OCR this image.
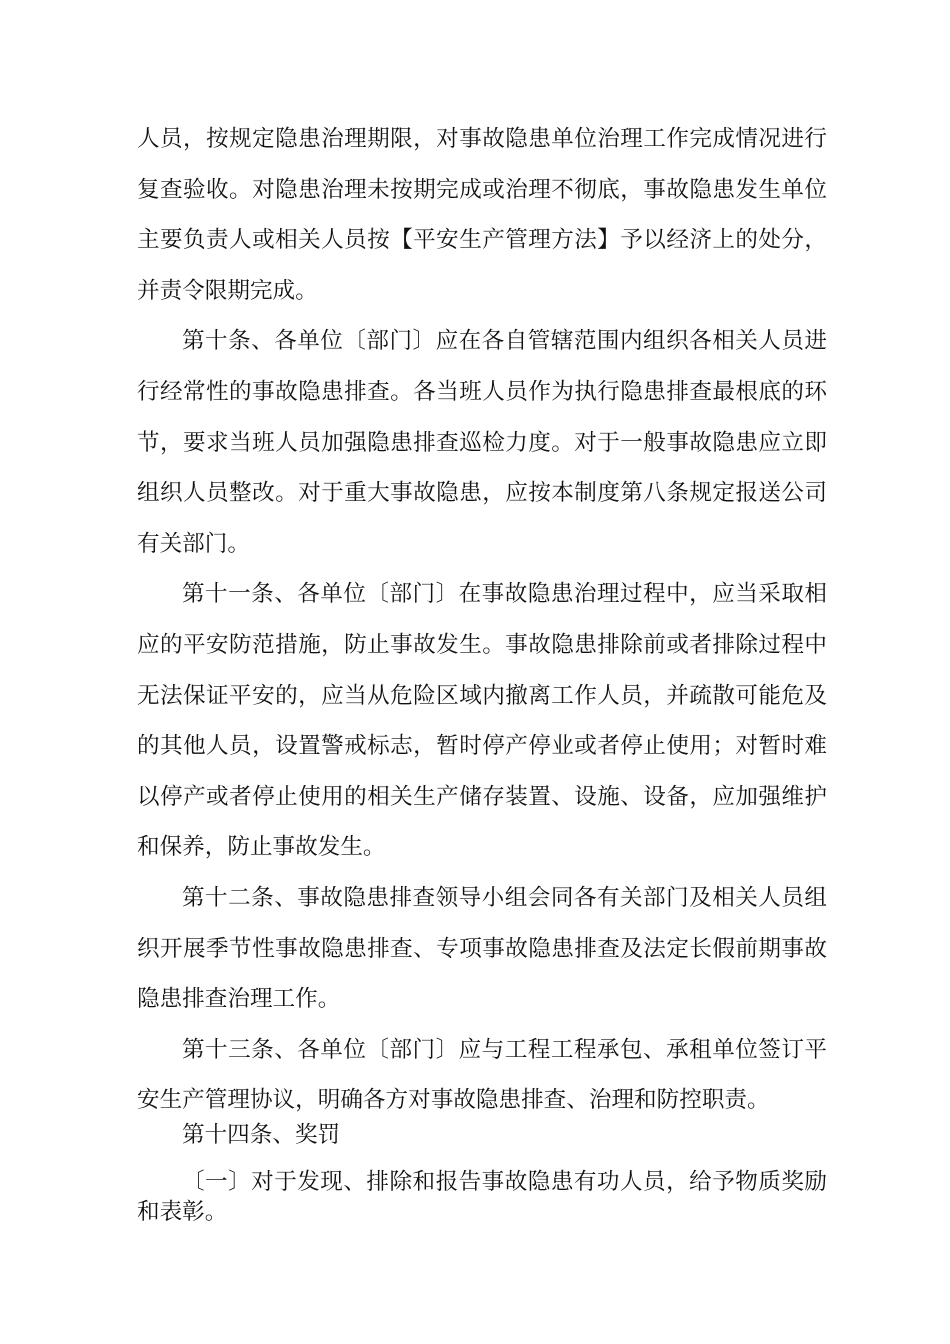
人员，按规定隐患治理期限，对事故隐患单位治理工作完成情况进行复查验收。对隐患治理未按期完成或治理不彻底，事故隐患发生单位主要负责人或相关人员按【平安生产管理方法】予以经济上的处分，并责令限期完成。

第十条、各单位〔部门〕应在各自管辖范围内组织各相关人员进行经常性的事故隐患排查。各当班人员作为执行隐患排查最根底的环节，要求当班人员加强隐患排查巡检力度。对于一般事故隐患应立即组织人员整改。对于重大事故隐患，应按本制度第八条规定报送公司有关部门。

第十一条、各单位〔部门〕在事故隐患治理过程中，应当采取相应的平安防范措施，防止事故发生。事故隐患排除前或者排除过程中无法保证平安的，应当从危险区域内撤离工作人员，并疏散可能危及的其他人员，设置警戒标志，暂时停产停业或者停止使用；对暂时难以停产或者停止使用的相关生产储存装置、设施、设备，应加强维护和保养，防止事故发生。

第十二条、事故隐患排查领导小组会同各有关部门及相关人员组织开展季节性事故隐患排查、专项事故隐患排查及法定长假前期事故隐患排查治理工作。

第十三条、各单位〔部门〕应与工程工程承包、承租单位签订平安生产管理协议，明确各方对事故隐患排查、治理和防控职责。

第十四条、奖罚

〔一〕对于发现、排除和报告事故隐患有功人员，给予物质奖励和表彰。
